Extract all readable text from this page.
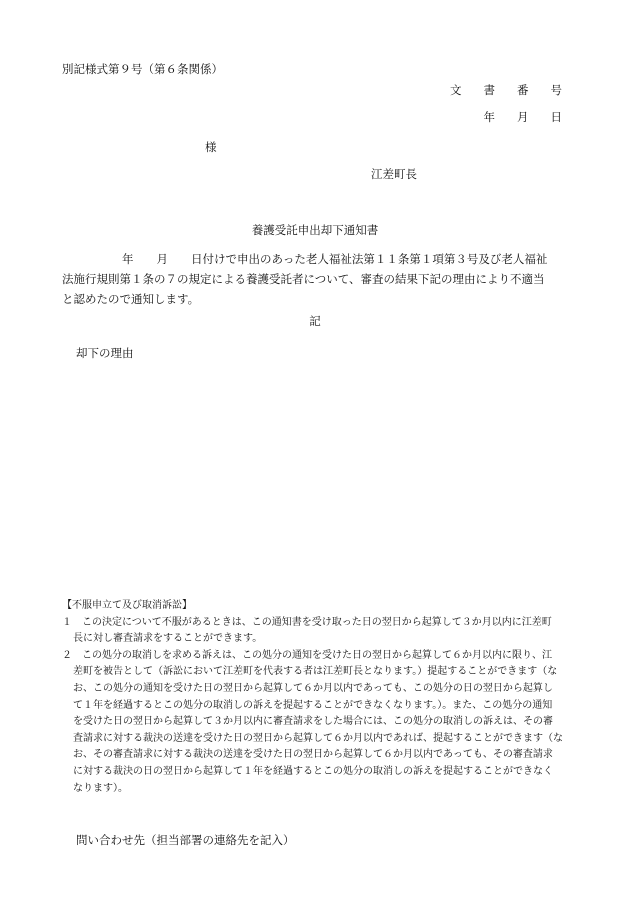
別記様式第９号（第６条関係）
文 書 番 号
年 月 日
様
江差町長
養護受託申出却下通知書
年　　月　　日付けで申出のあった老人福祉法第１１条第１項第３号及び老人福祉
法施行規則第１条の７の規定による養護受託者について、審査の結果下記の理由により不適当
と認めたので通知します。
記
却下の理由
【不服申立て及び取消訴訟】
１　この決定について不服があるときは、この通知書を受け取った日の翌日から起算して３か月以内に江差町
長に対し審査請求をすることができます。
２　この処分の取消しを求める訴えは、この処分の通知を受けた日の翌日から起算して６か月以内に限り、江
差町を被告として（訴訟において江差町を代表する者は江差町長となります。）提起することができます（な
お、この処分の通知を受けた日の翌日から起算して６か月以内であっても、この処分の日の翌日から起算し
て１年を経過するとこの処分の取消しの訴えを提起することができなくなります。）。また、この処分の通知
を受けた日の翌日から起算して３か月以内に審査請求をした場合には、この処分の取消しの訴えは、その審
査請求に対する裁決の送達を受けた日の翌日から起算して６か月以内であれば、提起することができます（な
お、その審査請求に対する裁決の送達を受けた日の翌日から起算して６か月以内であっても、その審査請求
に対する裁決の日の翌日から起算して１年を経過するとこの処分の取消しの訴えを提起することができなく
なります）。
問い合わせ先（担当部署の連絡先を記入）
